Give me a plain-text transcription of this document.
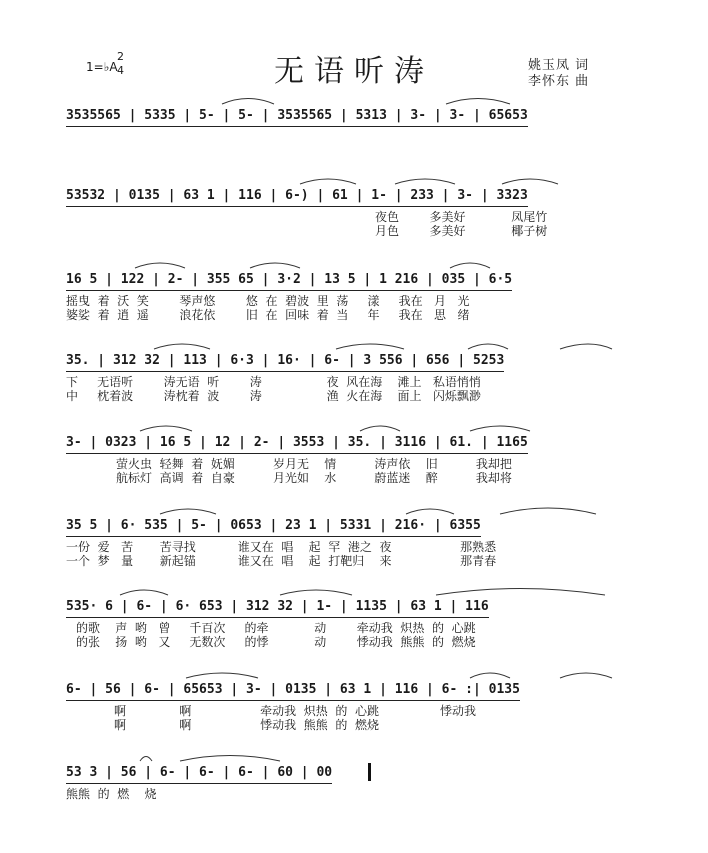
无语听涛
1=♭A
2
4	姚玉凤 词
李怀东 曲
3535565 | 5335 | 5- | 5- | 3535565 | 5313 | 3- | 3- | 65653
53532 | 0135 | 63 1 | 116 | 6-) | 61 | 1- | 233 | 3- | 3323
夜色        多美好            凤尾竹
月色        多美好            椰子树
16 5 | 122 | 2- | 355 65 | 3·2 | 13 5 | 1 216 | 035 | 6·5
摇曳  着  沃  笑        琴声悠        悠  在  碧波  里  荡     漾     我在   月   光
婆娑  着  逍  遥        浪花依        旧  在  回味  着  当     年     我在   思   绪
35. | 312 32 | 113 | 6·3 | 16· | 6- | 3 556 | 656 | 5253
下     无语听        涛无语  听        涛                 夜  风在海    滩上   私语悄悄
中     枕着波        涛枕着  波        涛                 渔  火在海    面上   闪烁飘渺
3- | 0323 | 16 5 | 12 | 2- | 3553 | 35. | 3116 | 61. | 1165
萤火虫  轻舞  着  妩媚          岁月无    情          涛声依    旧          我却把
航标灯  高调  着  自豪          月光如    水          蔚蓝迷    醉          我却将
35 5 | 6· 535 | 5- | 0653 | 23 1 | 5331 | 216· | 6355
一份  爱   苦       苦寻找           谁又在  唱    起  罕  港之  夜                  那熟悉
一个  梦   量       新起锚           谁又在  唱    起  打靶归    来                  那青春
535· 6 | 6- | 6· 653 | 312 32 | 1- | 1135 | 63 1 | 116
的歌    声  哟   曾     千百次     的牵            动        牵动我  炽热  的  心跳
的张    扬  哟   又     无数次     的悸            动        悸动我  熊熊  的  燃烧
6- | 56 | 6- | 65653 | 3- | 0135 | 63 1 | 116 | 6- :| 0135
啊              啊                  牵动我  炽热  的  心跳                悸动我
啊              啊                  悸动我  熊熊  的  燃烧
53 3 | 56 | 6- | 6- | 6- | 60 | 00
熊熊  的  燃    烧
